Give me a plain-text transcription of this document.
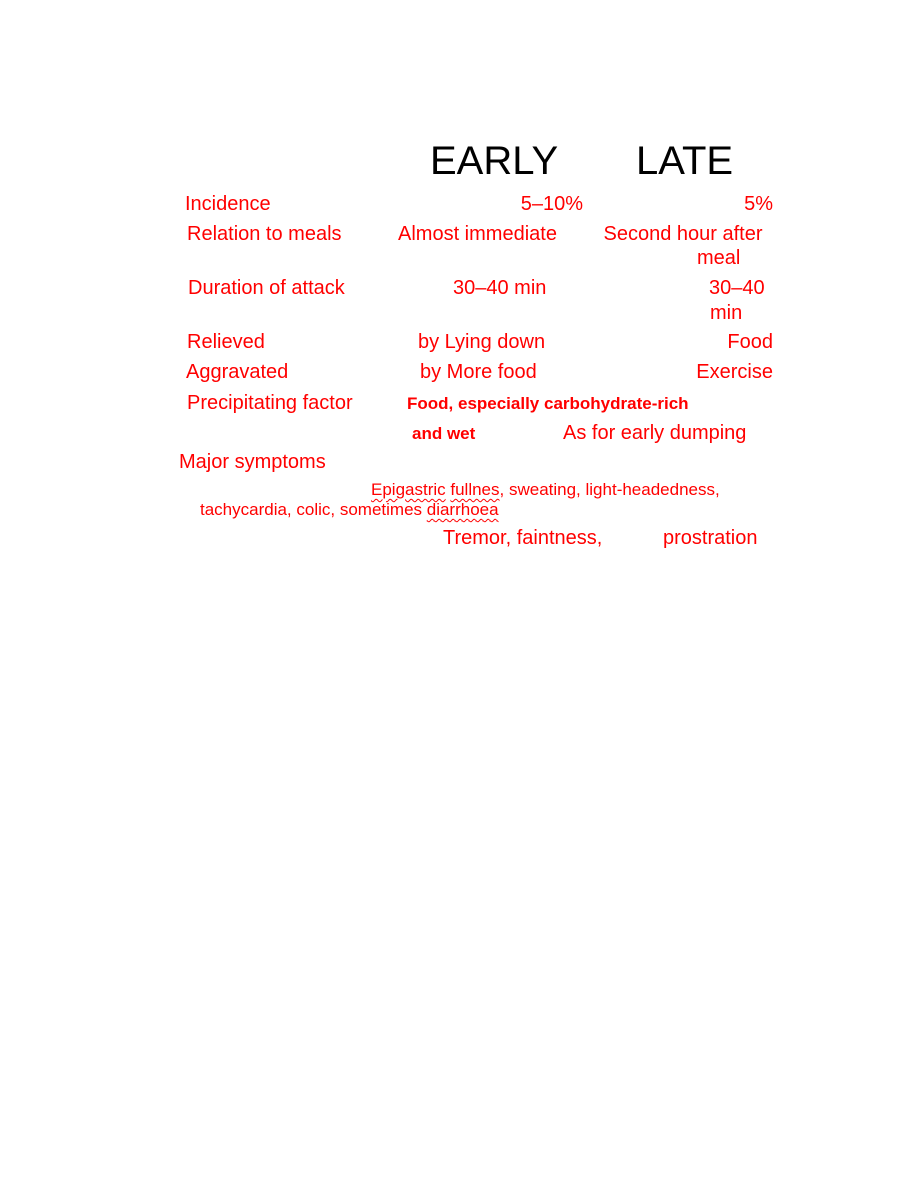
EARLY LATE
Incidence	5–10%	5%
Relation to meals	Almost immediate	Second hour after
meal
Duration of attack	30–40 min	30–40
min
Relieved	by Lying down	Food
Aggravated	by More food	Exercise
Precipitating factor	Food, especially carbohydrate-rich
and wet	As for early dumping
Major symptoms
Epigastric fullnes, sweating, light-headedness,
tachycardia, colic, sometimes diarrhoea
Tremor, faintness,	prostration
